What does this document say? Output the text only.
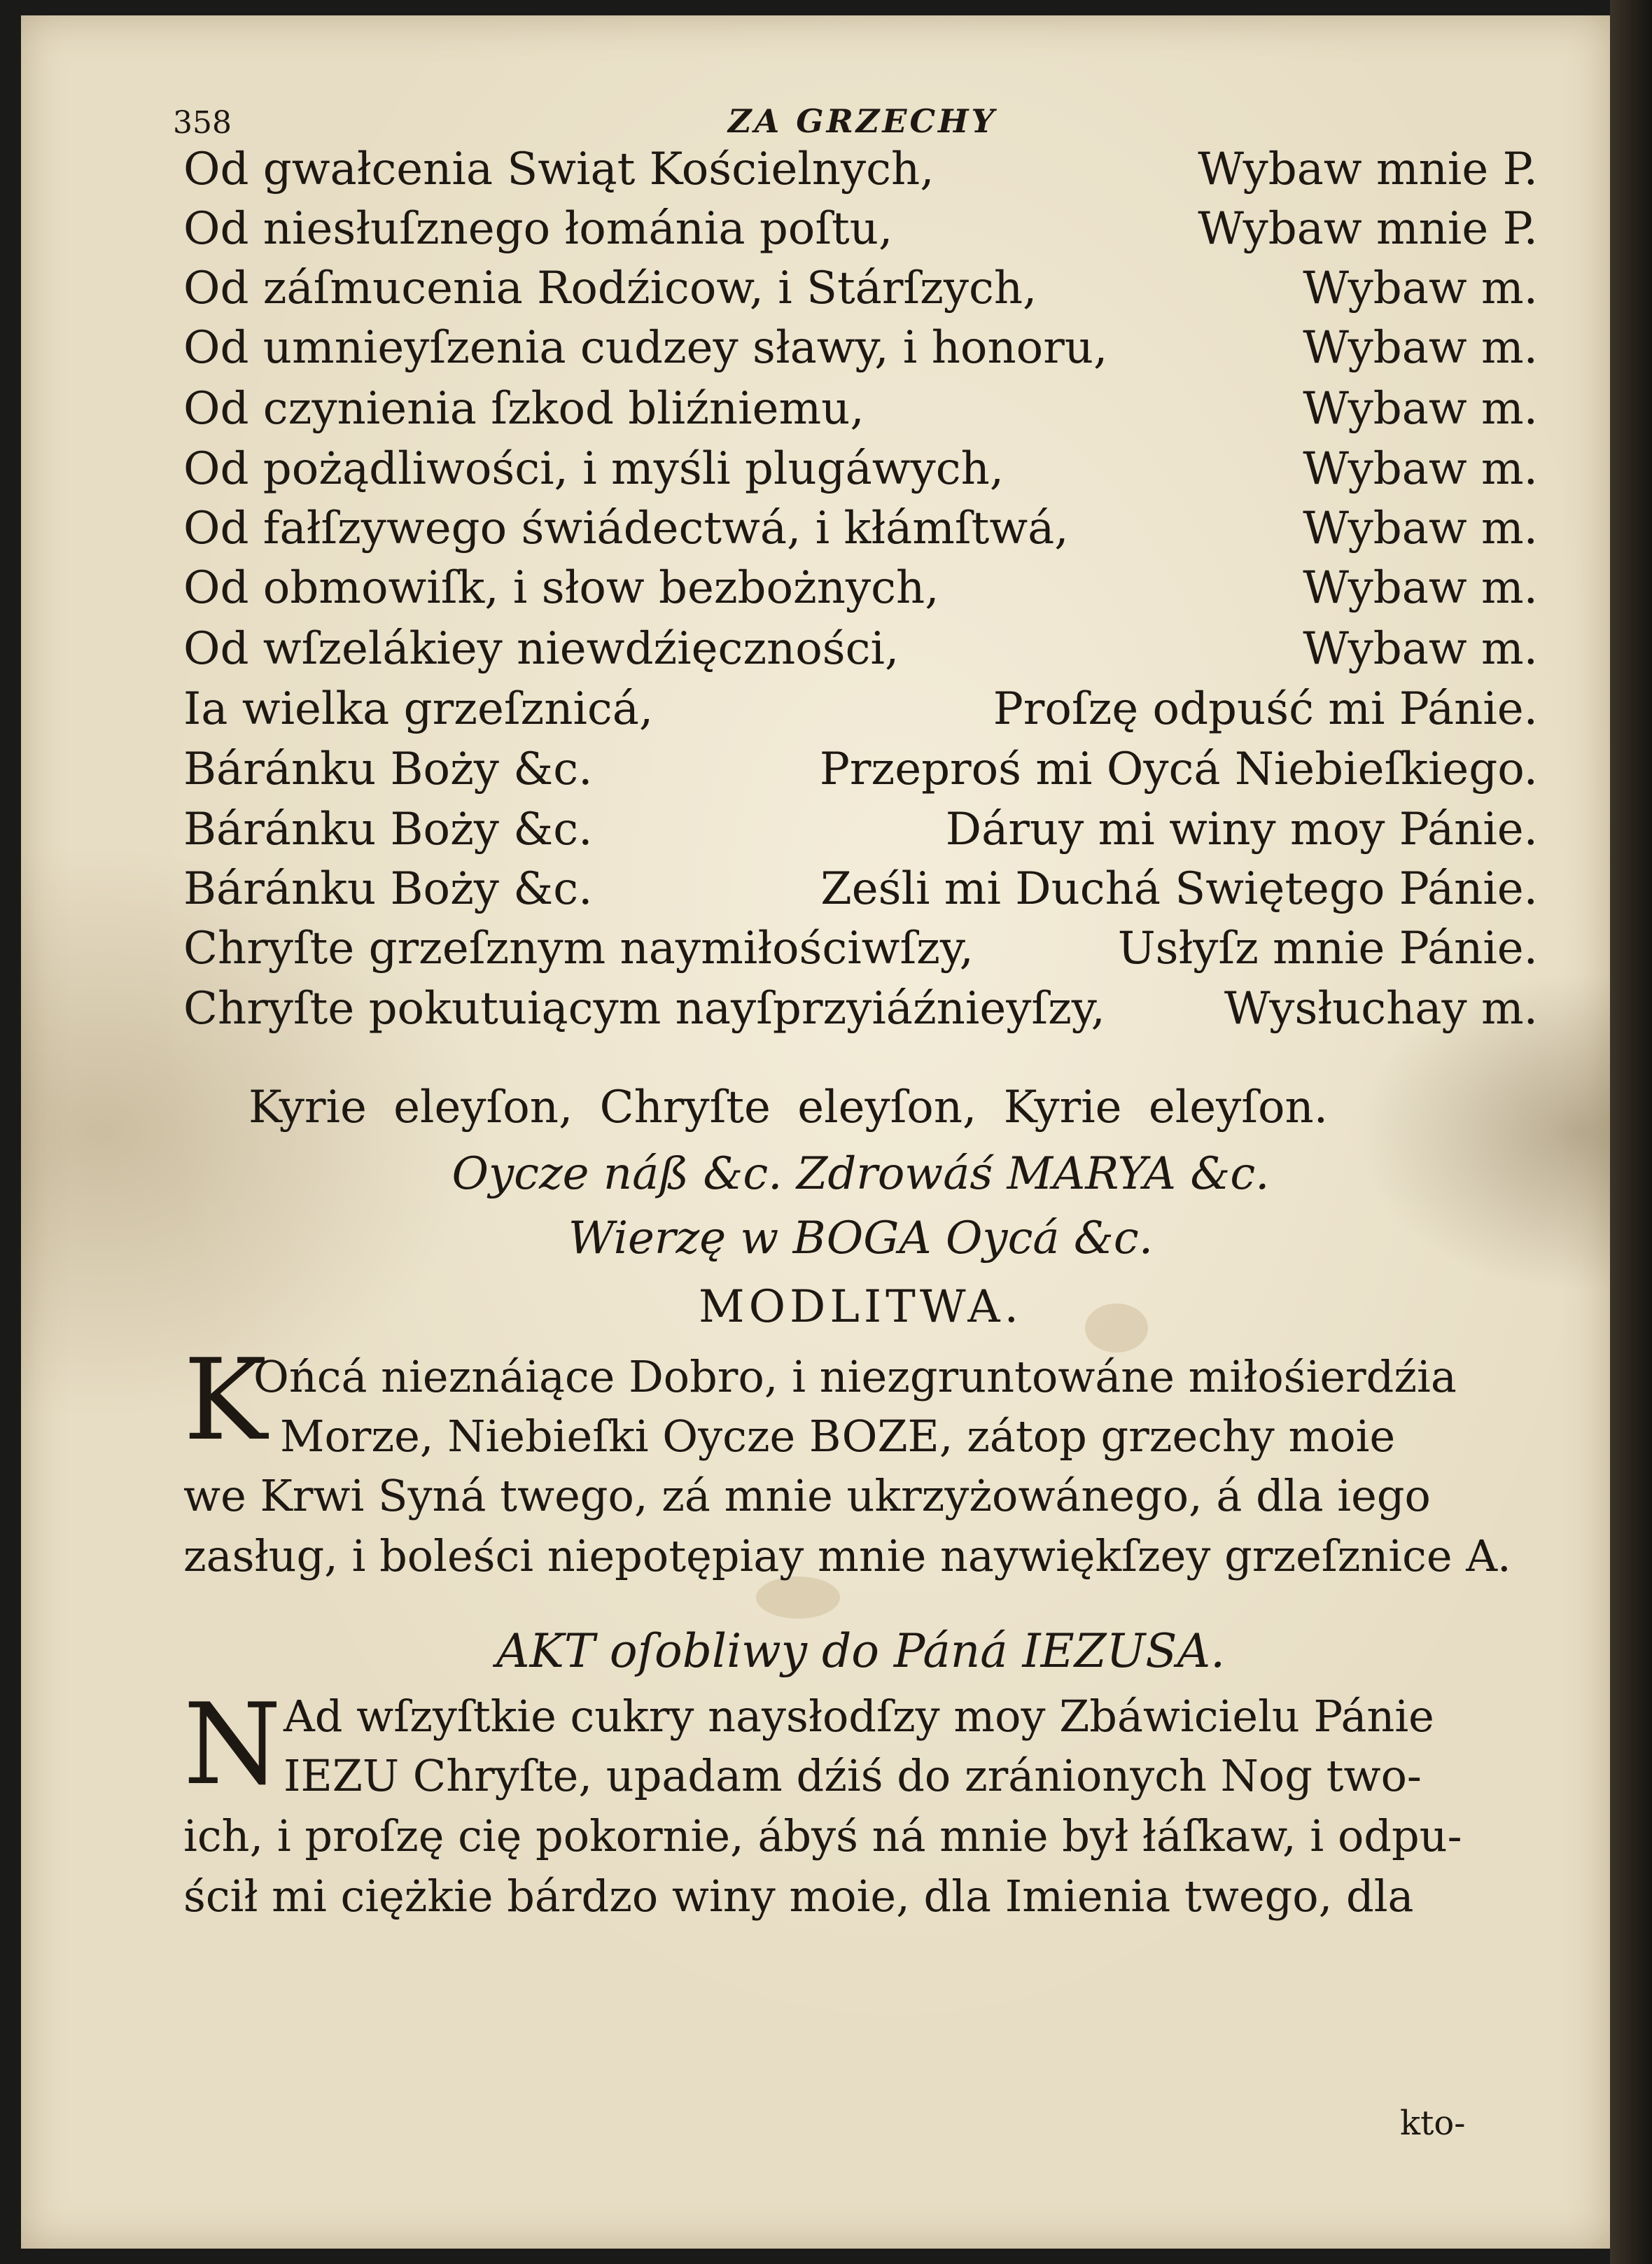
358	ZA GRZECHY
Od gwałcenia Swiąt Kościelnych,	Wybaw mnie P.
Od niesłuſznego łománia poſtu,	Wybaw mnie P.
Od záſmucenia Rodźicow, i Stárſzych,	Wybaw m.
Od umnieyſzenia cudzey sławy, i honoru,	Wybaw m.
Od czynienia ſzkod bliźniemu,	Wybaw m.
Od pożądliwości, i myśli plugáwych,	Wybaw m.
Od fałſzywego świádectwá, i kłámſtwá,	Wybaw m.
Od obmowiſk, i słow bezbożnych,	Wybaw m.
Od wſzelákiey niewdźięczności,	Wybaw m.
Ia wielka grzeſznicá,	Proſzę odpuść mi Pánie.
Báránku Boży &c.	Przeproś mi Oycá Niebieſkiego.
Báránku Boży &c.	Dáruy mi winy moy Pánie.
Báránku Boży &c.	Ześli mi Duchá Swiętego Pánie.
Chryſte grzeſznym naymiłościwſzy,	Usłyſz mnie Pánie.
Chryſte pokutuiącym nayſprzyiáźnieyſzy,	Wysłuchay m.
Kyrie eleyſon, Chryſte eleyſon, Kyrie eleyſon.
Oycze náß &c. Zdrowáś MARYA &c.
Wierzę w BOGA Oycá &c.
MODLITWA.
K
Ońcá nieznáiące Dobro, i niezgruntowáne miłośierdźia
Morze, Niebieſki Oycze BOZE, zátop grzechy moie
we Krwi Syná twego, zá mnie ukrzyżowánego, á dla iego
zasług, i boleści niepotępiay mnie naywiękſzey grzeſznice A.
AKT oſobliwy do Páná IEZUSA.
N Ad wſzyſtkie cukry naysłodſzy moy Zbáwicielu Pánie
IEZU Chryſte, upadam dźiś do zránionych Nog two-
ich, i proſzę cię pokornie, ábyś ná mnie był łáſkaw, i odpu-
ścił mi ciężkie bárdzo winy moie, dla Imienia twego, dla
kto-
